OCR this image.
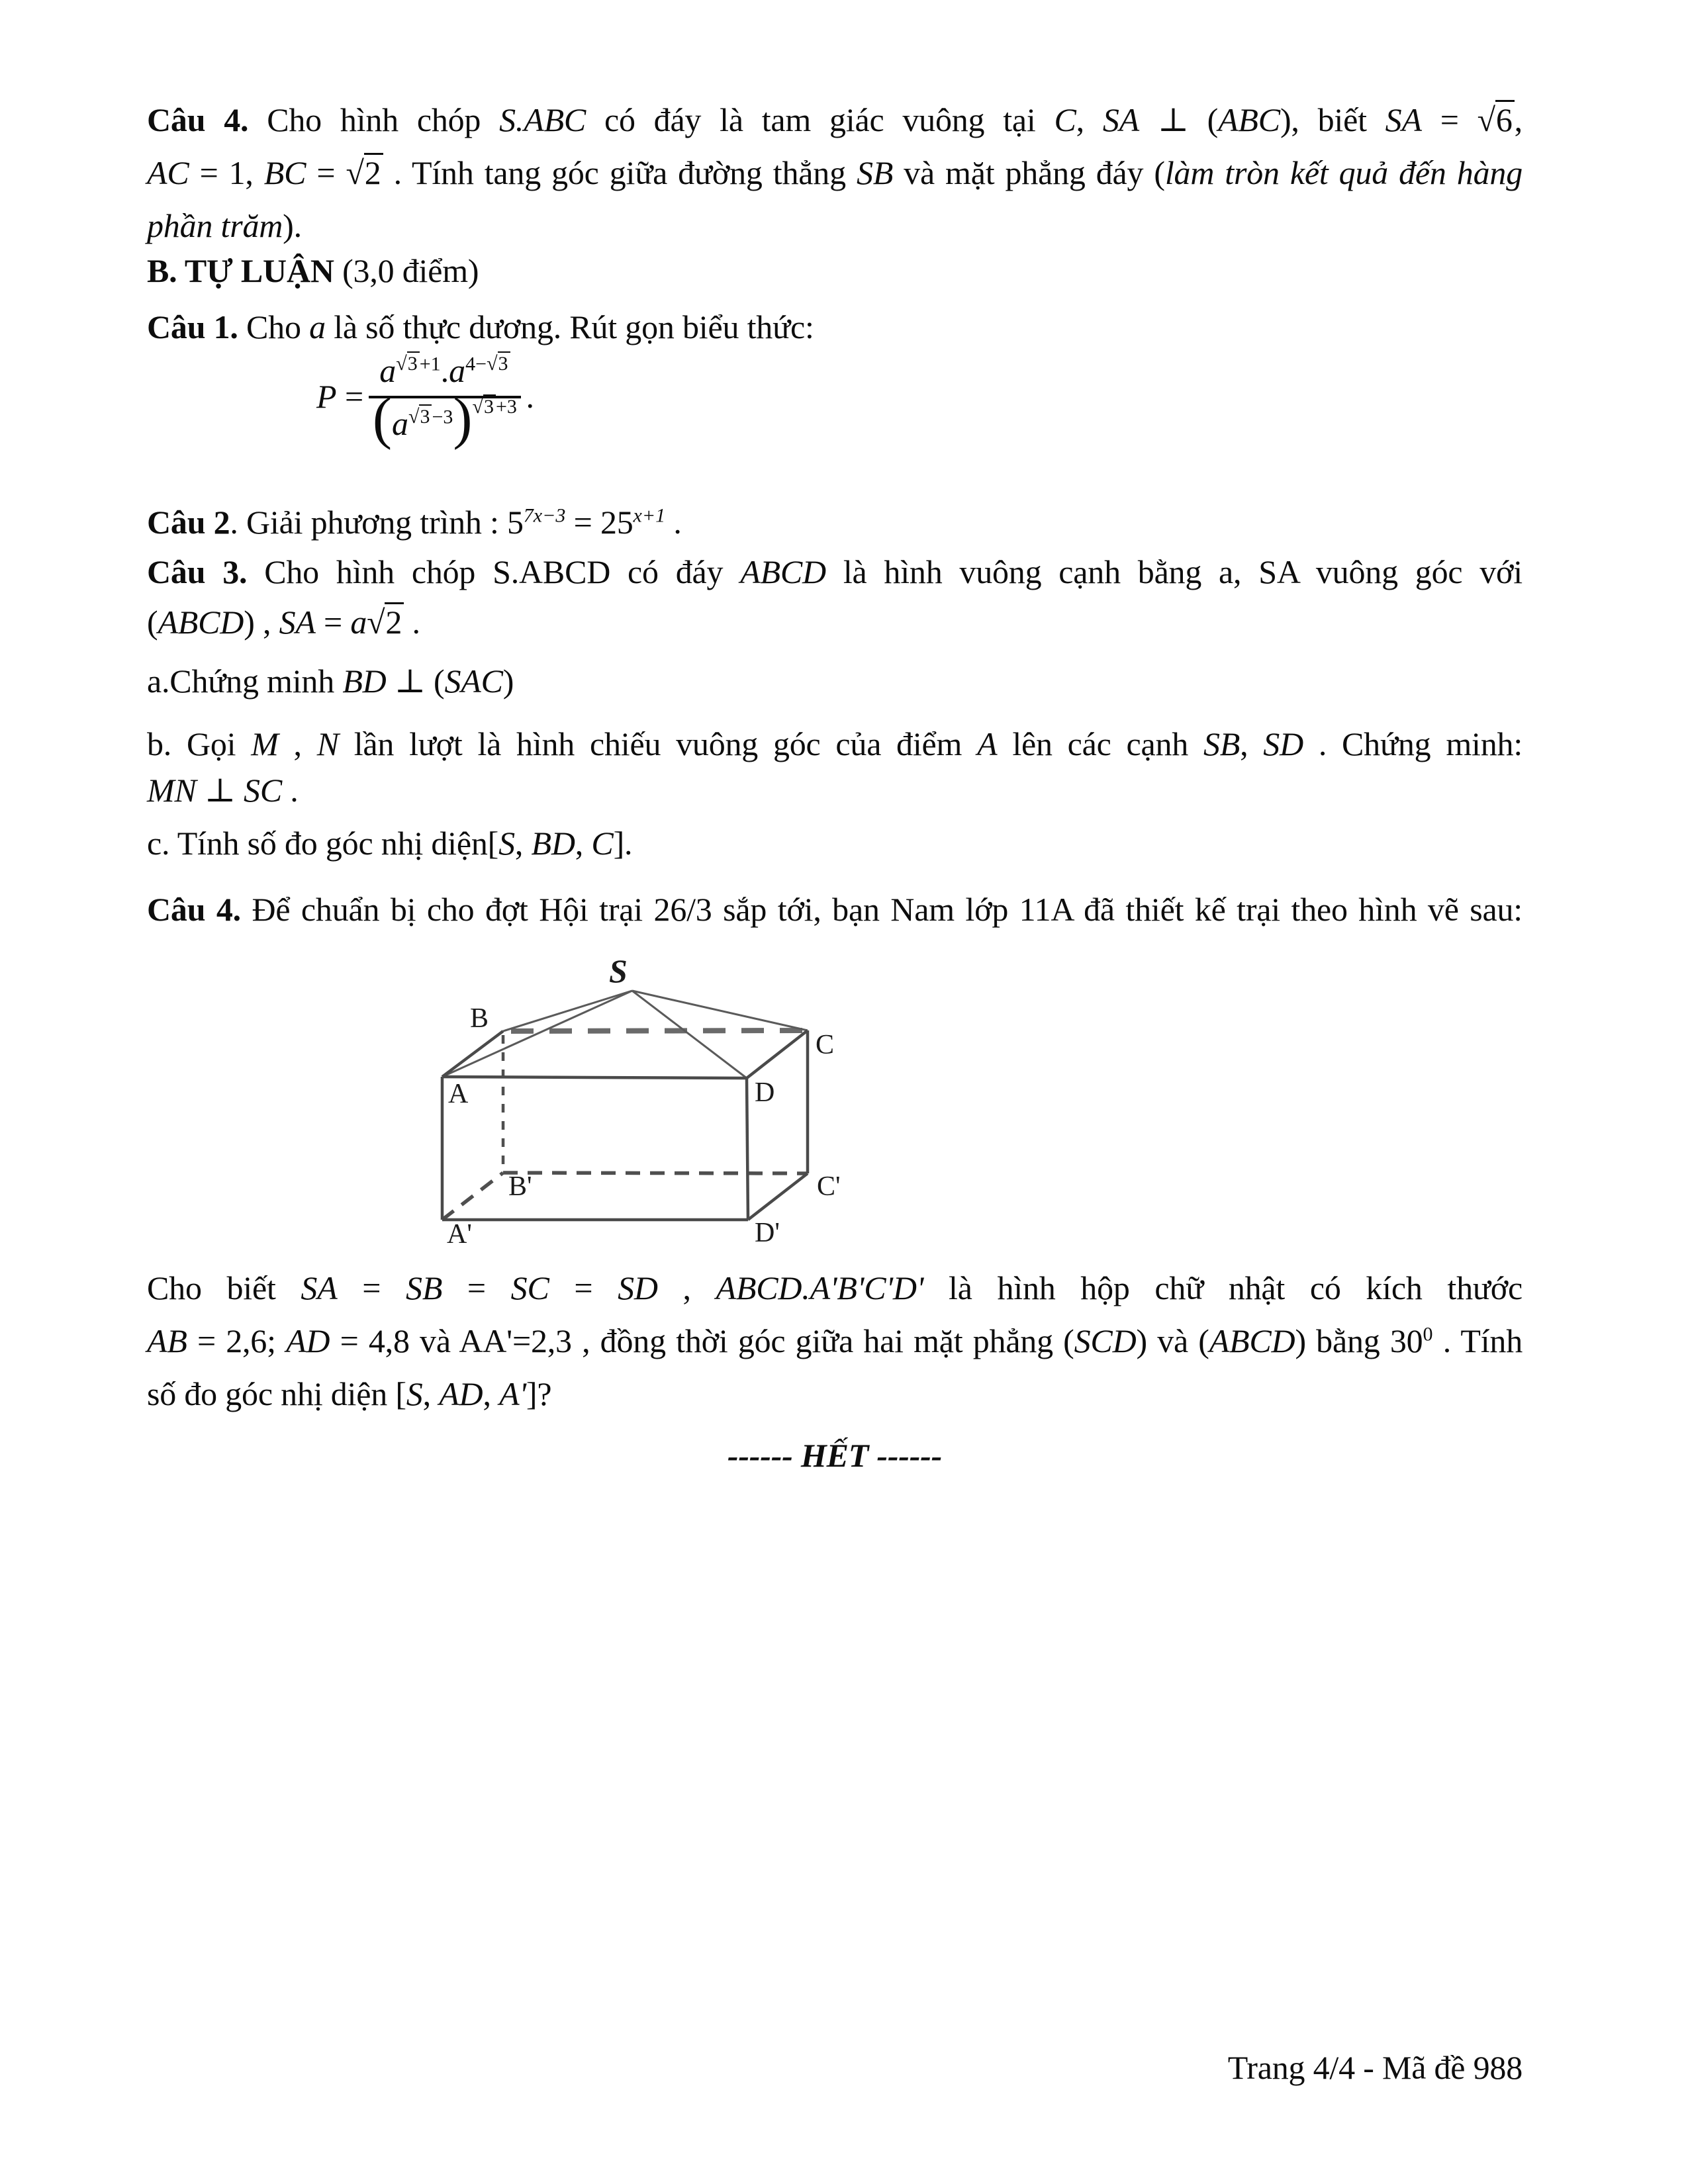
Câu 4. Cho hình chóp S.ABC có đáy là tam giác vuông tại C, SA ⊥ (ABC), biết SA = √6,
AC = 1, BC = √2 . Tính tang góc giữa đường thẳng SB và mặt phẳng đáy (làm tròn kết quả đến hàng
phần trăm).
B. TỰ LUẬN (3,0 điểm)
Câu 1. Cho a là số thực dương. Rút gọn biểu thức:
$P = \frac{a^{√3} ^{+1}.a^{4-√3}}{(a^{√3} ^{-3})^{√3} ^{+3}}$ .
Câu 2. Giải phương trình : $5^{7x-3} = 25^{x+1}$ .
Câu 3. Cho hình chóp S.ABCD có đáy ABCD là hình vuông cạnh bằng a, SA vuông góc với
(ABCD) , SA = a√2 .
a.Chứng minh BD ⊥ (SAC)
b. Gọi M , N lần lượt là hình chiếu vuông góc của điểm A lên các cạnh SB, SD . Chứng minh:
MN ⊥ SC .
c. Tính số đo góc nhị diện[S, BD, C].
Câu 4. Để chuẩn bị cho đợt Hội trại 26/3 sắp tới, bạn Nam lớp 11A đã thiết kế trại theo hình vẽ sau:
S
B
C
A	D
B'	C'
A'	D'
Cho biết SA = SB = SC = SD , ABCD.A'B'C'D' là hình hộp chữ nhật có kích thước
AB = 2,6; AD = 4,8 và AA'=2,3 , đồng thời góc giữa hai mặt phẳng (SCD) và (ABCD) bằng $30^0$ . Tính
số đo góc nhị diện [S, AD, A']?
------ HẾT ------
Trang 4/4 - Mã đề 988
